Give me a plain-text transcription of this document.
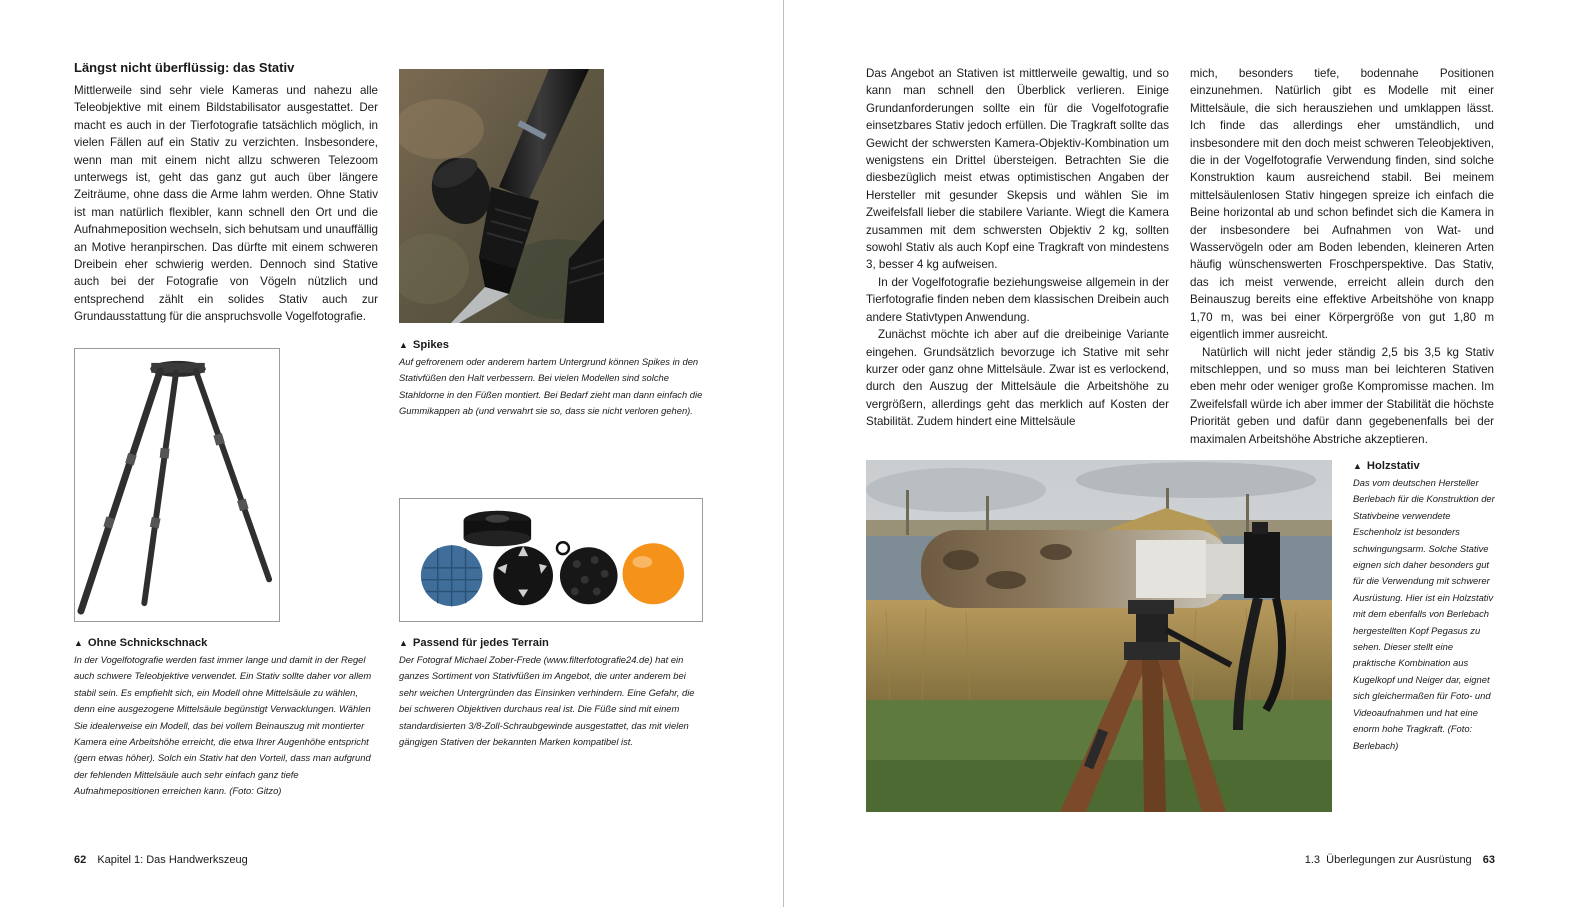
Längst nicht überflüssig: das Stativ

Mittlerweile sind sehr viele Kameras und nahezu alle Teleobjektive mit einem Bildstabilisator ausgestattet. Der macht es auch in der Tierfotografie tatsächlich möglich, in vielen Fällen auf ein Stativ zu verzichten. Insbesondere, wenn man mit einem nicht allzu schweren Telezoom unterwegs ist, geht das ganz gut auch über längere Zeiträume, ohne dass die Arme lahm werden. Ohne Stativ ist man natürlich flexibler, kann schnell den Ort und die Aufnahmeposition wechseln, sich behutsam und unauffällig an Motive heranpirschen. Das dürfte mit einem schweren Dreibein eher schwierig werden. Dennoch sind Stative auch bei der Fotografie von Vögeln nützlich und entsprechend zählt ein solides Stativ auch zur Grundausstattung für die anspruchsvolle Vogelfotografie.

▲ Spikes
Auf gefrorenem oder anderem hartem Untergrund können Spikes in den Stativfüßen den Halt verbessern. Bei vielen Modellen sind solche Stahldorne in den Füßen montiert. Bei Bedarf zieht man dann einfach die Gummikappen ab (und verwahrt sie so, dass sie nicht verloren gehen).
▲ Ohne Schnickschnack
In der Vogelfotografie werden fast immer lange und damit in der Regel auch schwere Teleobjektive verwendet. Ein Stativ sollte daher vor allem stabil sein. Es empfiehlt sich, ein Modell ohne Mittelsäule zu wählen, denn eine ausgezogene Mittelsäule begünstigt Verwacklungen. Wählen Sie idealerweise ein Modell, das bei vollem Beinauszug mit montierter Kamera eine Arbeitshöhe erreicht, die etwa Ihrer Augenhöhe entspricht (gern etwas höher). Solch ein Stativ hat den Vorteil, dass man aufgrund der fehlenden Mittelsäule auch sehr einfach ganz tiefe Aufnahmepositionen erreichen kann. (Foto: Gitzo)
▲ Passend für jedes Terrain
Der Fotograf Michael Zober-Frede (www.filterfotografie24.de) hat ein ganzes Sortiment von Stativfüßen im Angebot, die unter anderem bei sehr weichen Untergründen das Einsinken verhindern. Eine Gefahr, die bei schweren Objektiven durchaus real ist. Die Füße sind mit einem standardisierten 3/8-Zoll-Schraubgewinde ausgestattet, das mit vielen gängigen Stativen der bekannten Marken kompatibel ist.
62 Kapitel 1: Das Handwerkszeug

Das Angebot an Stativen ist mittlerweile gewaltig, und so kann man schnell den Überblick verlieren. Einige Grundanforderungen sollte ein für die Vogelfotografie einsetzbares Stativ jedoch erfüllen. Die Tragkraft sollte das Gewicht der schwersten Kamera-Objektiv-Kombination um wenigstens ein Drittel übersteigen. Betrachten Sie die diesbezüglich meist etwas optimistischen Angaben der Hersteller mit gesunder Skepsis und wählen Sie im Zweifelsfall lieber die stabilere Variante. Wiegt die Kamera zusammen mit dem schwersten Objektiv 2 kg, sollten sowohl Stativ als auch Kopf eine Tragkraft von mindestens 3, besser 4 kg aufweisen.

In der Vogelfotografie beziehungsweise allgemein in der Tierfotografie finden neben dem klassischen Dreibein auch andere Stativtypen Anwendung.

Zunächst möchte ich aber auf die dreibeinige Variante eingehen. Grundsätzlich bevorzuge ich Stative mit sehr kurzer oder ganz ohne Mittelsäule. Zwar ist es verlockend, durch den Auszug der Mittelsäule die Arbeitshöhe zu vergrößern, allerdings geht das merklich auf Kosten der Stabilität. Zudem hindert eine Mittelsäule

mich, besonders tiefe, bodennahe Positionen einzunehmen. Natürlich gibt es Modelle mit einer Mittelsäule, die sich herausziehen und umklappen lässt. Ich finde das allerdings eher umständlich, und insbesondere mit den doch meist schweren Teleobjektiven, die in der Vogelfotografie Verwendung finden, sind solche Konstruktion kaum ausreichend stabil. Bei meinem mittelsäulenlosen Stativ hingegen spreize ich einfach die Beine horizontal ab und schon befindet sich die Kamera in der insbesondere bei Aufnahmen von Wat- und Wasservögeln oder am Boden lebenden, kleineren Arten häufig wünschenswerten Froschperspektive. Das Stativ, das ich meist verwende, erreicht allein durch den Beinauszug bereits eine effektive Arbeitshöhe von knapp 1,70 m, was bei einer Körpergröße von gut 1,80 m eigentlich immer ausreicht.

Natürlich will nicht jeder ständig 2,5 bis 3,5 kg Stativ mitschleppen, und so muss man bei leichteren Stativen eben mehr oder weniger große Kompromisse machen. Im Zweifelsfall würde ich aber immer der Stabilität die höchste Priorität geben und dafür dann gegebenenfalls bei der maximalen Arbeitshöhe Abstriche akzeptieren.

▲ Holzstativ
Das vom deutschen Hersteller Berlebach für die Konstruktion der Stativbeine verwendete Eschenholz ist besonders schwingungsarm. Solche Stative eignen sich daher besonders gut für die Verwendung mit schwerer Ausrüstung. Hier ist ein Holzstativ mit dem ebenfalls von Berlebach hergestellten Kopf Pegasus zu sehen. Dieser stellt eine praktische Kombination aus Kugelkopf und Neiger dar, eignet sich gleichermaßen für Foto- und Videoaufnahmen und hat eine enorm hohe Tragkraft. (Foto: Berlebach)
1.3  Überlegungen zur Ausrüstung 63
